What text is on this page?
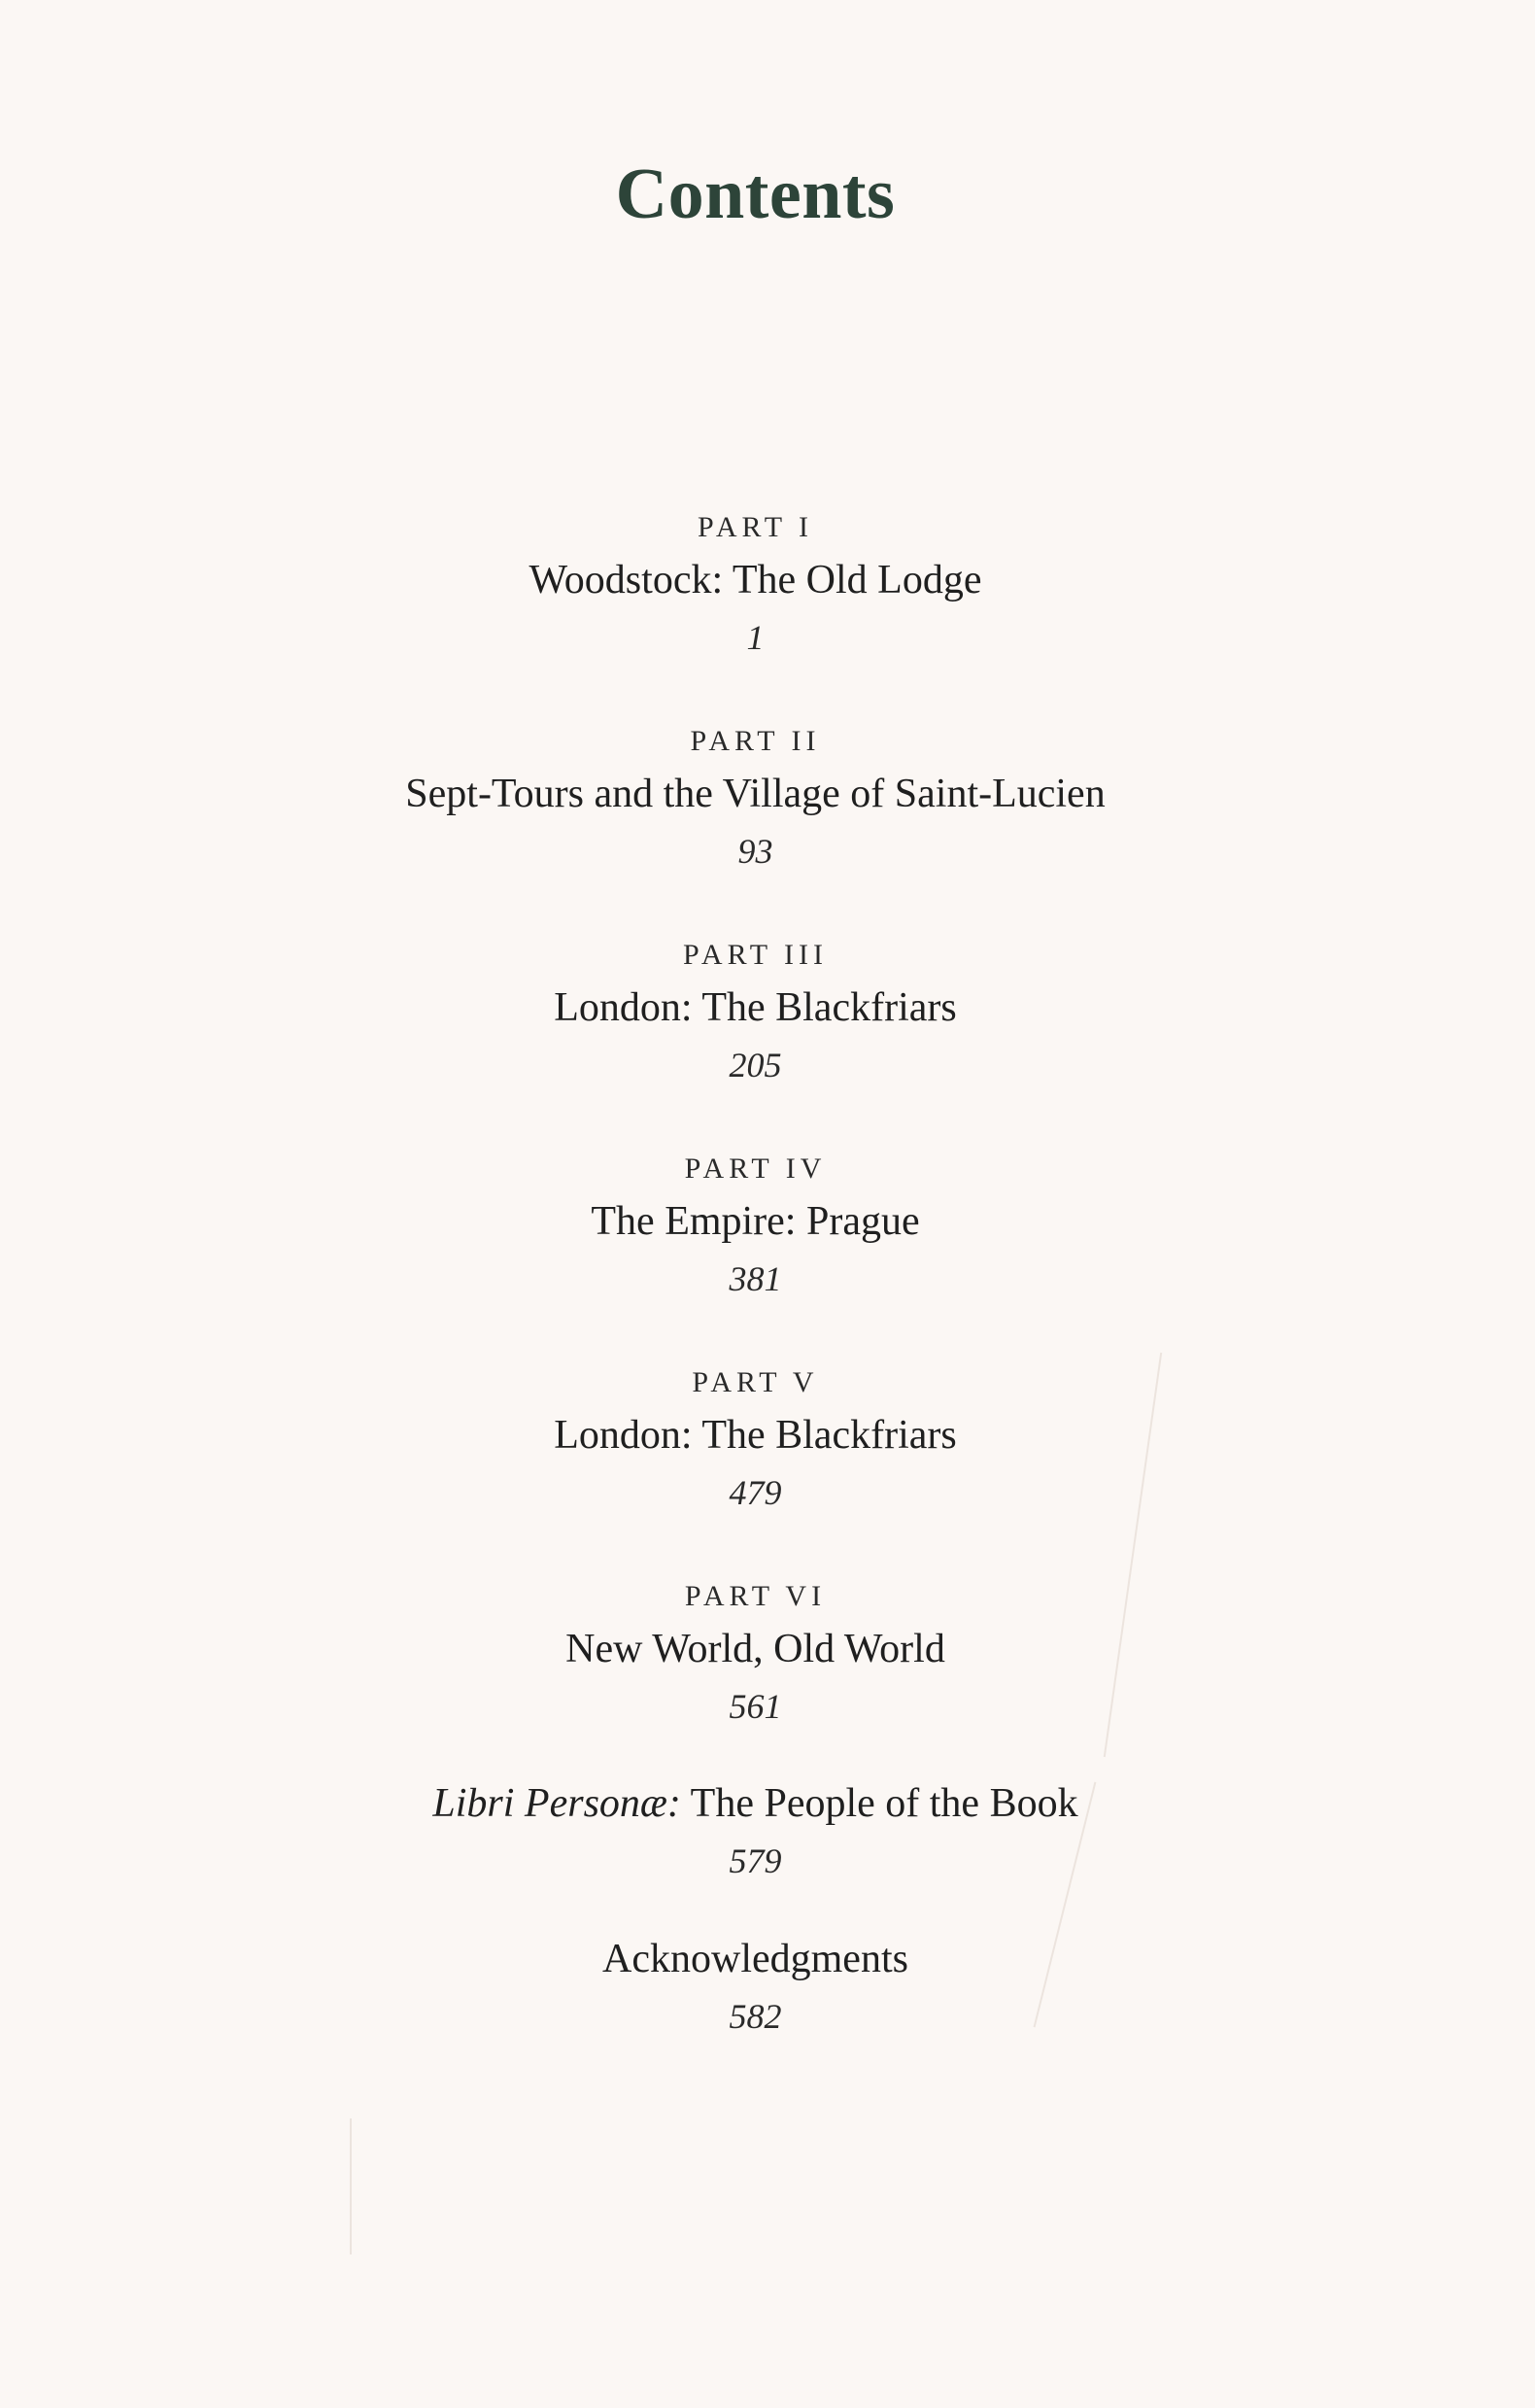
Contents
PART I
Woodstock: The Old Lodge
1
PART II
Sept-Tours and the Village of Saint-Lucien
93
PART III
London: The Blackfriars
205
PART IV
The Empire: Prague
381
PART V
London: The Blackfriars
479
PART VI
New World, Old World
561
Libri Personæ: The People of the Book
579
Acknowledgments
582
